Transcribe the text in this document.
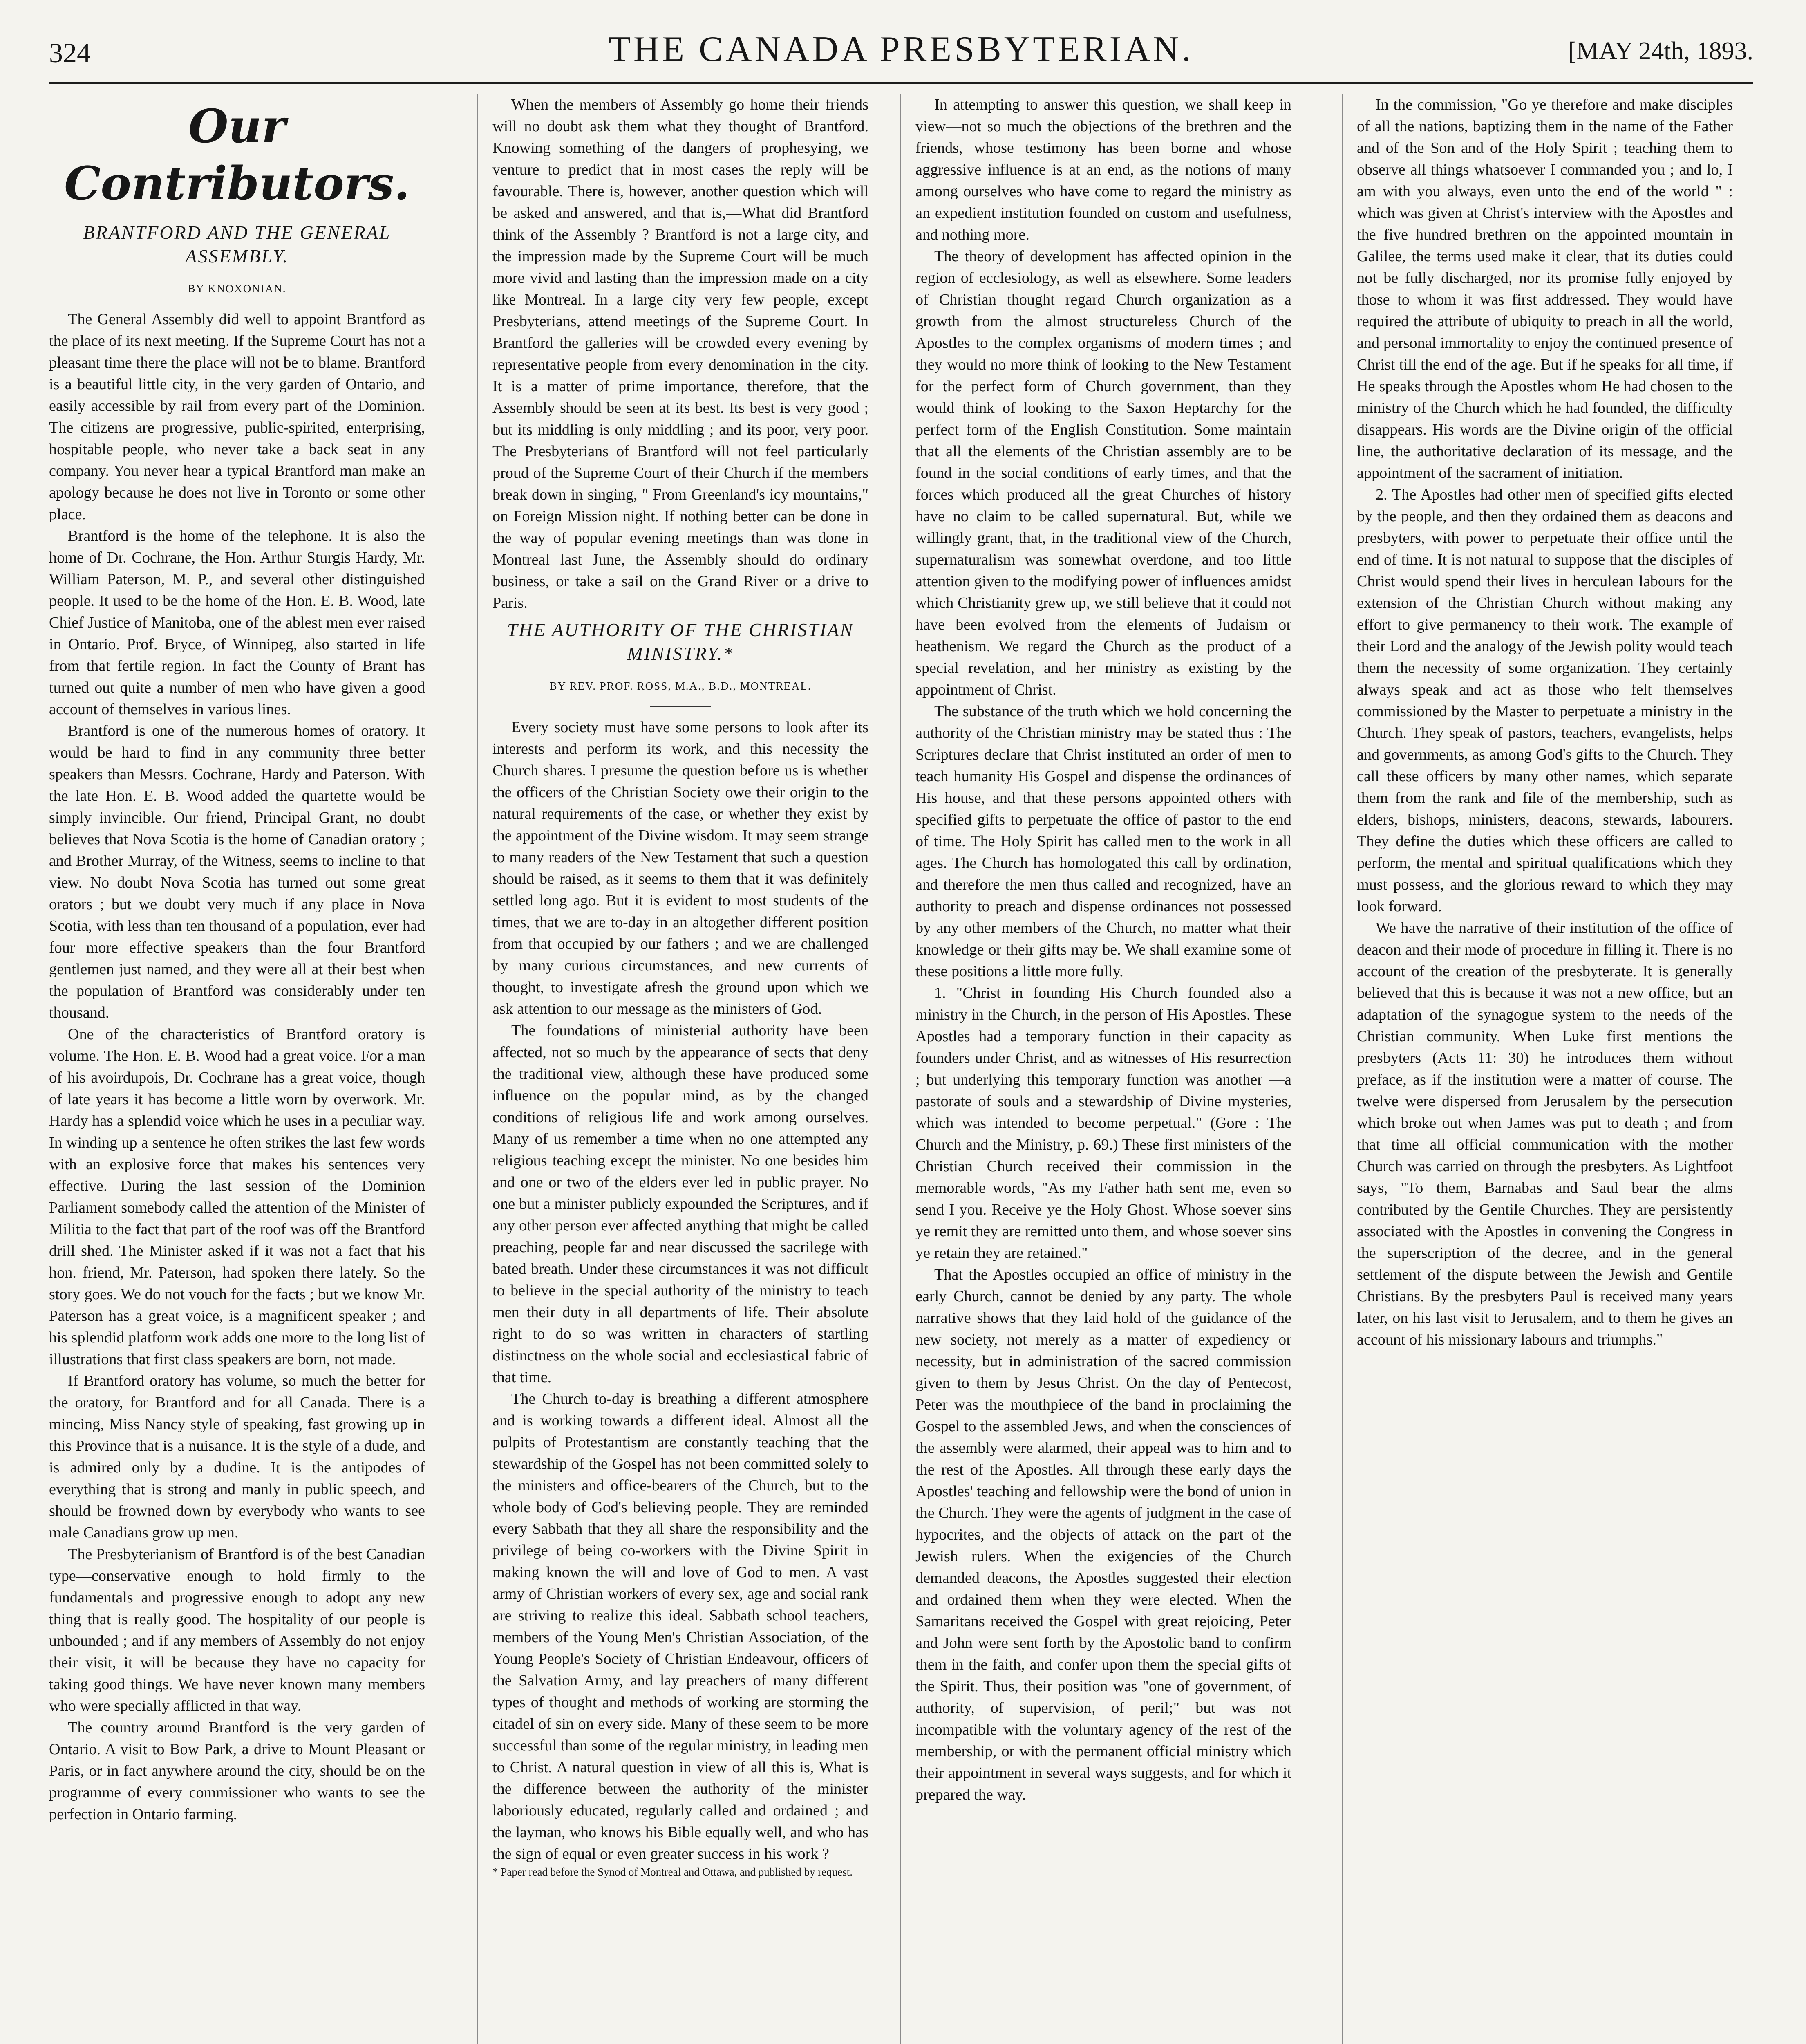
324	THE CANADA PRESBYTERIAN.	[MAY 24th, 1893.
Our Contributors.
BRANTFORD AND THE GENERAL ASSEMBLY.
BY KNOXONIAN.

The General Assembly did well to appoint Brantford as the place of its next meeting. If the Supreme Court has not a pleasant time there the place will not be to blame. Brantford is a beautiful little city, in the very garden of Ontario, and easily accessible by rail from every part of the Dominion. The citizens are progressive, public-spirited, enterprising, hospitable people, who never take a back seat in any company. You never hear a typical Brantford man make an apology because he does not live in Toronto or some other place.

Brantford is the home of the telephone. It is also the home of Dr. Cochrane, the Hon. Arthur Sturgis Hardy, Mr. William Paterson, M. P., and several other distinguished people. It used to be the home of the Hon. E. B. Wood, late Chief Justice of Manitoba, one of the ablest men ever raised in Ontario. Prof. Bryce, of Winnipeg, also started in life from that fertile region. In fact the County of Brant has turned out quite a number of men who have given a good account of themselves in various lines.

Brantford is one of the numerous homes of oratory. It would be hard to find in any community three better speakers than Messrs. Cochrane, Hardy and Paterson. With the late Hon. E. B. Wood added the quartette would be simply invincible. Our friend, Principal Grant, no doubt believes that Nova Scotia is the home of Canadian oratory ; and Brother Murray, of the Witness, seems to incline to that view. No doubt Nova Scotia has turned out some great orators ; but we doubt very much if any place in Nova Scotia, with less than ten thousand of a population, ever had four more effective speakers than the four Brantford gentlemen just named, and they were all at their best when the population of Brantford was considerably under ten thousand.

One of the characteristics of Brantford oratory is volume. The Hon. E. B. Wood had a great voice. For a man of his avoirdupois, Dr. Cochrane has a great voice, though of late years it has become a little worn by overwork. Mr. Hardy has a splendid voice which he uses in a peculiar way. In winding up a sentence he often strikes the last few words with an explosive force that makes his sentences very effective. During the last session of the Dominion Parliament somebody called the attention of the Minister of Militia to the fact that part of the roof was off the Brantford drill shed. The Minister asked if it was not a fact that his hon. friend, Mr. Paterson, had spoken there lately. So the story goes. We do not vouch for the facts ; but we know Mr. Paterson has a great voice, is a magnificent speaker ; and his splendid platform work adds one more to the long list of illustrations that first class speakers are born, not made.

If Brantford oratory has volume, so much the better for the oratory, for Brantford and for all Canada. There is a mincing, Miss Nancy style of speaking, fast growing up in this Province that is a nuisance. It is the style of a dude, and is admired only by a dudine. It is the antipodes of everything that is strong and manly in public speech, and should be frowned down by everybody who wants to see male Canadians grow up men.

The Presbyterianism of Brantford is of the best Canadian type—conservative enough to hold firmly to the fundamentals and progressive enough to adopt any new thing that is really good. The hospitality of our people is unbounded ; and if any members of Assembly do not enjoy their visit, it will be because they have no capacity for taking good things. We have never known many members who were specially afflicted in that way.

The country around Brantford is the very garden of Ontario. A visit to Bow Park, a drive to Mount Pleasant or Paris, or in fact anywhere around the city, should be on the programme of every commissioner who wants to see the perfection in Ontario farming.

When the members of Assembly go home their friends will no doubt ask them what they thought of Brantford. Knowing something of the dangers of prophesying, we venture to predict that in most cases the reply will be favourable. There is, however, another question which will be asked and answered, and that is,—What did Brantford think of the Assembly ? Brantford is not a large city, and the impression made by the Supreme Court will be much more vivid and lasting than the impression made on a city like Montreal. In a large city very few people, except Presbyterians, attend meetings of the Supreme Court. In Brantford the galleries will be crowded every evening by representative people from every denomination in the city. It is a matter of prime importance, therefore, that the Assembly should be seen at its best. Its best is very good ; but its middling is only middling ; and its poor, very poor. The Presbyterians of Brantford will not feel particularly proud of the Supreme Court of their Church if the members break down in singing, " From Greenland's icy mountains," on Foreign Mission night. If nothing better can be done in the way of popular evening meetings than was done in Montreal last June, the Assembly should do ordinary business, or take a sail on the Grand River or a drive to Paris.

THE AUTHORITY OF THE CHRISTIAN MINISTRY.*
BY REV. PROF. ROSS, M.A., B.D., MONTREAL.

Every society must have some persons to look after its interests and perform its work, and this necessity the Church shares. I presume the question before us is whether the officers of the Christian Society owe their origin to the natural requirements of the case, or whether they exist by the appointment of the Divine wisdom. It may seem strange to many readers of the New Testament that such a question should be raised, as it seems to them that it was definitely settled long ago. But it is evident to most students of the times, that we are to-day in an altogether different position from that occupied by our fathers ; and we are challenged by many curious circumstances, and new currents of thought, to investigate afresh the ground upon which we ask attention to our message as the ministers of God.

The foundations of ministerial authority have been affected, not so much by the appearance of sects that deny the traditional view, although these have produced some influence on the popular mind, as by the changed conditions of religious life and work among ourselves. Many of us remember a time when no one attempted any religious teaching except the minister. No one besides him and one or two of the elders ever led in public prayer. No one but a minister publicly expounded the Scriptures, and if any other person ever affected anything that might be called preaching, people far and near discussed the sacrilege with bated breath. Under these circumstances it was not difficult to believe in the special authority of the ministry to teach men their duty in all departments of life. Their absolute right to do so was written in characters of startling distinctness on the whole social and ecclesiastical fabric of that time.

The Church to-day is breathing a different atmosphere and is working towards a different ideal. Almost all the pulpits of Protestantism are constantly teaching that the stewardship of the Gospel has not been committed solely to the ministers and office-bearers of the Church, but to the whole body of God's believing people. They are reminded every Sabbath that they all share the responsibility and the privilege of being co-workers with the Divine Spirit in making known the will and love of God to men. A vast army of Christian workers of every sex, age and social rank are striving to realize this ideal. Sabbath school teachers, members of the Young Men's Christian Association, of the Young People's Society of Christian Endeavour, officers of the Salvation Army, and lay preachers of many different types of thought and methods of working are storming the citadel of sin on every side. Many of these seem to be more successful than some of the regular ministry, in leading men to Christ. A natural question in view of all this is, What is the difference between the authority of the minister laboriously educated, regularly called and ordained ; and the layman, who knows his Bible equally well, and who has the sign of equal or even greater success in his work ?

* Paper read before the Synod of Montreal and Ottawa, and published by request.

In attempting to answer this question, we shall keep in view—not so much the objections of the brethren and the friends, whose testimony has been borne and whose aggressive influence is at an end, as the notions of many among ourselves who have come to regard the ministry as an expedient institution founded on custom and usefulness, and nothing more.

The theory of development has affected opinion in the region of ecclesiology, as well as elsewhere. Some leaders of Christian thought regard Church organization as a growth from the almost structureless Church of the Apostles to the complex organisms of modern times ; and they would no more think of looking to the New Testament for the perfect form of Church government, than they would think of looking to the Saxon Heptarchy for the perfect form of the English Constitution. Some maintain that all the elements of the Christian assembly are to be found in the social conditions of early times, and that the forces which produced all the great Churches of history have no claim to be called supernatural. But, while we willingly grant, that, in the traditional view of the Church, supernaturalism was somewhat overdone, and too little attention given to the modifying power of influences amidst which Christianity grew up, we still believe that it could not have been evolved from the elements of Judaism or heathenism. We regard the Church as the product of a special revelation, and her ministry as existing by the appointment of Christ.

The substance of the truth which we hold concerning the authority of the Christian ministry may be stated thus : The Scriptures declare that Christ instituted an order of men to teach humanity His Gospel and dispense the ordinances of His house, and that these persons appointed others with specified gifts to perpetuate the office of pastor to the end of time. The Holy Spirit has called men to the work in all ages. The Church has homologated this call by ordination, and therefore the men thus called and recognized, have an authority to preach and dispense ordinances not possessed by any other members of the Church, no matter what their knowledge or their gifts may be. We shall examine some of these positions a little more fully.

1. "Christ in founding His Church founded also a ministry in the Church, in the person of His Apostles. These Apostles had a temporary function in their capacity as founders under Christ, and as witnesses of His resurrection ; but underlying this temporary function was another —a pastorate of souls and a stewardship of Divine mysteries, which was intended to become perpetual." (Gore : The Church and the Ministry, p. 69.) These first ministers of the Christian Church received their commission in the memorable words, "As my Father hath sent me, even so send I you. Receive ye the Holy Ghost. Whose soever sins ye remit they are remitted unto them, and whose soever sins ye retain they are retained."

That the Apostles occupied an office of ministry in the early Church, cannot be denied by any party. The whole narrative shows that they laid hold of the guidance of the new society, not merely as a matter of expediency or necessity, but in administration of the sacred commission given to them by Jesus Christ. On the day of Pentecost, Peter was the mouthpiece of the band in proclaiming the Gospel to the assembled Jews, and when the consciences of the assembly were alarmed, their appeal was to him and to the rest of the Apostles. All through these early days the Apostles' teaching and fellowship were the bond of union in the Church. They were the agents of judgment in the case of hypocrites, and the objects of attack on the part of the Jewish rulers. When the exigencies of the Church demanded deacons, the Apostles suggested their election and ordained them when they were elected. When the Samaritans received the Gospel with great rejoicing, Peter and John were sent forth by the Apostolic band to confirm them in the faith, and confer upon them the special gifts of the Spirit. Thus, their position was "one of government, of authority, of supervision, of peril;" but was not incompatible with the voluntary agency of the rest of the membership, or with the permanent official ministry which their appointment in several ways suggests, and for which it prepared the way.

In the commission, "Go ye therefore and make disciples of all the nations, baptizing them in the name of the Father and of the Son and of the Holy Spirit ; teaching them to observe all things whatsoever I commanded you ; and lo, I am with you always, even unto the end of the world " : which was given at Christ's interview with the Apostles and the five hundred brethren on the appointed mountain in Galilee, the terms used make it clear, that its duties could not be fully discharged, nor its promise fully enjoyed by those to whom it was first addressed. They would have required the attribute of ubiquity to preach in all the world, and personal immortality to enjoy the continued presence of Christ till the end of the age. But if he speaks for all time, if He speaks through the Apostles whom He had chosen to the ministry of the Church which he had founded, the difficulty disappears. His words are the Divine origin of the official line, the authoritative declaration of its message, and the appointment of the sacrament of initiation.

2. The Apostles had other men of specified gifts elected by the people, and then they ordained them as deacons and presbyters, with power to perpetuate their office until the end of time. It is not natural to suppose that the disciples of Christ would spend their lives in herculean labours for the extension of the Christian Church without making any effort to give permanency to their work. The example of their Lord and the analogy of the Jewish polity would teach them the necessity of some organization. They certainly always speak and act as those who felt themselves commissioned by the Master to perpetuate a ministry in the Church. They speak of pastors, teachers, evangelists, helps and governments, as among God's gifts to the Church. They call these officers by many other names, which separate them from the rank and file of the membership, such as elders, bishops, ministers, deacons, stewards, labourers. They define the duties which these officers are called to perform, the mental and spiritual qualifications which they must possess, and the glorious reward to which they may look forward.

We have the narrative of their institution of the office of deacon and their mode of procedure in filling it. There is no account of the creation of the presbyterate. It is generally believed that this is because it was not a new office, but an adaptation of the synagogue system to the needs of the Christian community. When Luke first mentions the presbyters (Acts 11: 30) he introduces them without preface, as if the institution were a matter of course. The twelve were dispersed from Jerusalem by the persecution which broke out when James was put to death ; and from that time all official communication with the mother Church was carried on through the presbyters. As Lightfoot says, "To them, Barnabas and Saul bear the alms contributed by the Gentile Churches. They are persistently associated with the Apostles in convening the Congress in the superscription of the decree, and in the general settlement of the dispute between the Jewish and Gentile Christians. By the presbyters Paul is received many years later, on his last visit to Jerusalem, and to them he gives an account of his missionary labours and triumphs."
